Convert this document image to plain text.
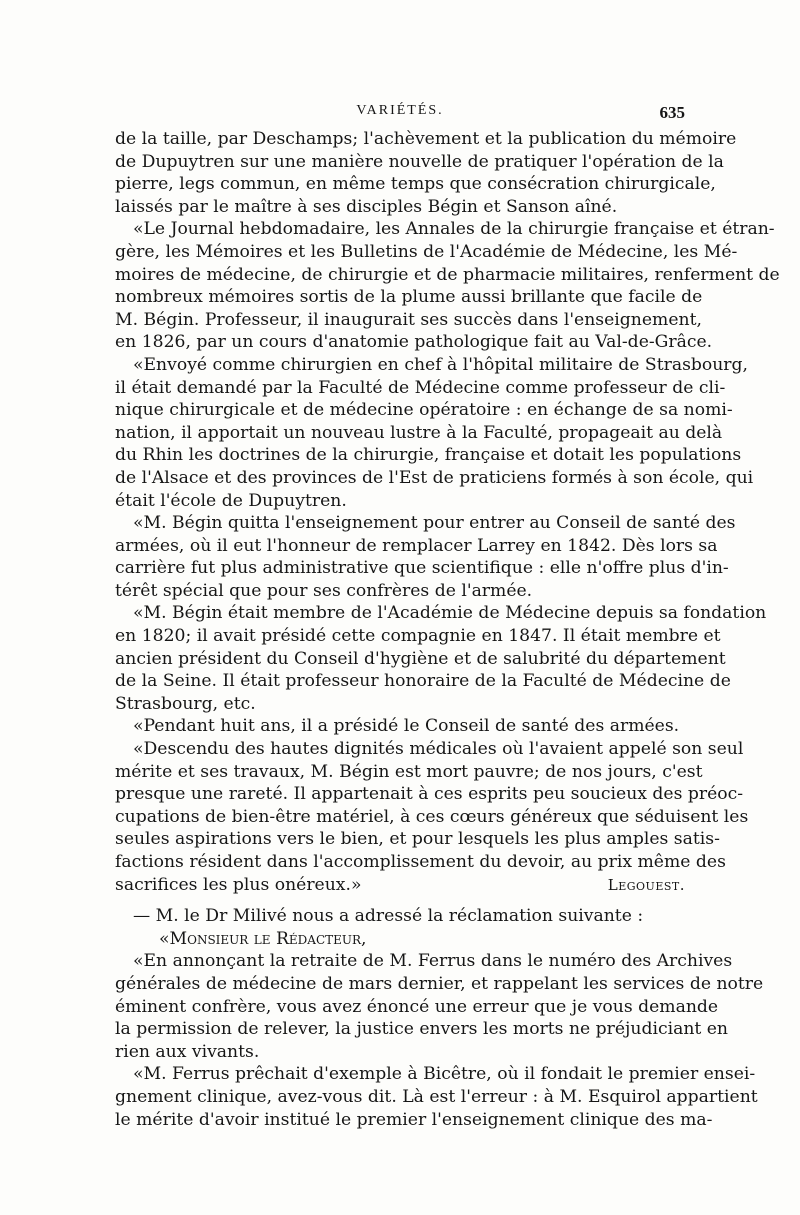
VARIÉTÉS.	635
de la taille, par Deschamps; l'achèvement et la publication du mémoire
de Dupuytren sur une manière nouvelle de pratiquer l'opération de la
pierre, legs commun, en même temps que consécration chirurgicale,
laissés par le maître à ses disciples Bégin et Sanson aîné.
«Le Journal hebdomadaire, les Annales de la chirurgie française et étran-
gère, les Mémoires et les Bulletins de l'Académie de Médecine, les Mé-
moires de médecine, de chirurgie et de pharmacie militaires, renferment de
nombreux mémoires sortis de la plume aussi brillante que facile de
M. Bégin. Professeur, il inaugurait ses succès dans l'enseignement,
en 1826, par un cours d'anatomie pathologique fait au Val-de-Grâce.
«Envoyé comme chirurgien en chef à l'hôpital militaire de Strasbourg,
il était demandé par la Faculté de Médecine comme professeur de cli-
nique chirurgicale et de médecine opératoire : en échange de sa nomi-
nation, il apportait un nouveau lustre à la Faculté, propageait au delà
du Rhin les doctrines de la chirurgie, française et dotait les populations
de l'Alsace et des provinces de l'Est de praticiens formés à son école, qui
était l'école de Dupuytren.
«M. Bégin quitta l'enseignement pour entrer au Conseil de santé des
armées, où il eut l'honneur de remplacer Larrey en 1842. Dès lors sa
carrière fut plus administrative que scientifique : elle n'offre plus d'in-
térêt spécial que pour ses confrères de l'armée.
«M. Bégin était membre de l'Académie de Médecine depuis sa fondation
en 1820; il avait présidé cette compagnie en 1847. Il était membre et
ancien président du Conseil d'hygiène et de salubrité du département
de la Seine. Il était professeur honoraire de la Faculté de Médecine de
Strasbourg, etc.
«Pendant huit ans, il a présidé le Conseil de santé des armées.
«Descendu des hautes dignités médicales où l'avaient appelé son seul
mérite et ses travaux, M. Bégin est mort pauvre; de nos jours, c'est
presque une rareté. Il appartenait à ces esprits peu soucieux des préoc-
cupations de bien-être matériel, à ces cœurs généreux que séduisent les
seules aspirations vers le bien, et pour lesquels les plus amples satis-
factions résident dans l'accomplissement du devoir, au prix même des
sacrifices les plus onéreux.»	Legouest.
— M. le Dr Milivé nous a adressé la réclamation suivante :
«Monsieur le Rédacteur,
«En annonçant la retraite de M. Ferrus dans le numéro des Archives
générales de médecine de mars dernier, et rappelant les services de notre
éminent confrère, vous avez énoncé une erreur que je vous demande
la permission de relever, la justice envers les morts ne préjudiciant en
rien aux vivants.
«M. Ferrus prêchait d'exemple à Bicêtre, où il fondait le premier ensei-
gnement clinique, avez-vous dit. Là est l'erreur : à M. Esquirol appartient
le mérite d'avoir institué le premier l'enseignement clinique des ma-
